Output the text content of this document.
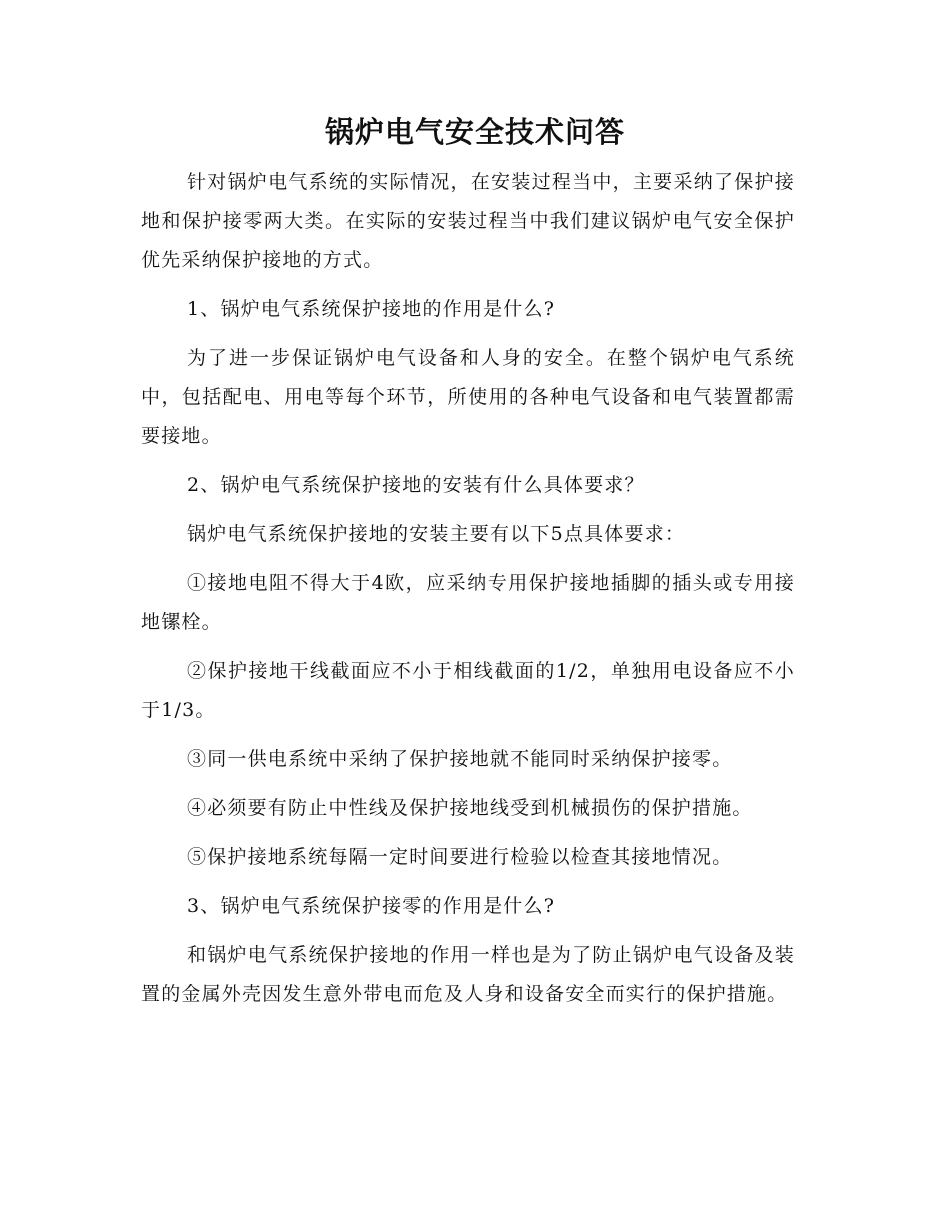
锅炉电气安全技术问答

针对锅炉电气系统的实际情况，在安装过程当中，主要采纳了保护接地和保护接零两大类。在实际的安装过程当中我们建议锅炉电气安全保护优先采纳保护接地的方式。

1、锅炉电气系统保护接地的作用是什么?

为了进一步保证锅炉电气设备和人身的安全。在整个锅炉电气系统中，包括配电、用电等每个环节，所使用的各种电气设备和电气装置都需要接地。

2、锅炉电气系统保护接地的安装有什么具体要求？

锅炉电气系统保护接地的安装主要有以下5点具体要求：

①接地电阻不得大于4欧，应采纳专用保护接地插脚的插头或专用接地镙栓。

②保护接地干线截面应不小于相线截面的1/2，单独用电设备应不小于1/3。

③同一供电系统中采纳了保护接地就不能同时采纳保护接零。

④必须要有防止中性线及保护接地线受到机械损伤的保护措施。

⑤保护接地系统每隔一定时间要进行检验以检查其接地情况。

3、锅炉电气系统保护接零的作用是什么?

和锅炉电气系统保护接地的作用一样也是为了防止锅炉电气设备及装置的金属外壳因发生意外带电而危及人身和设备安全而实行的保护措施。
